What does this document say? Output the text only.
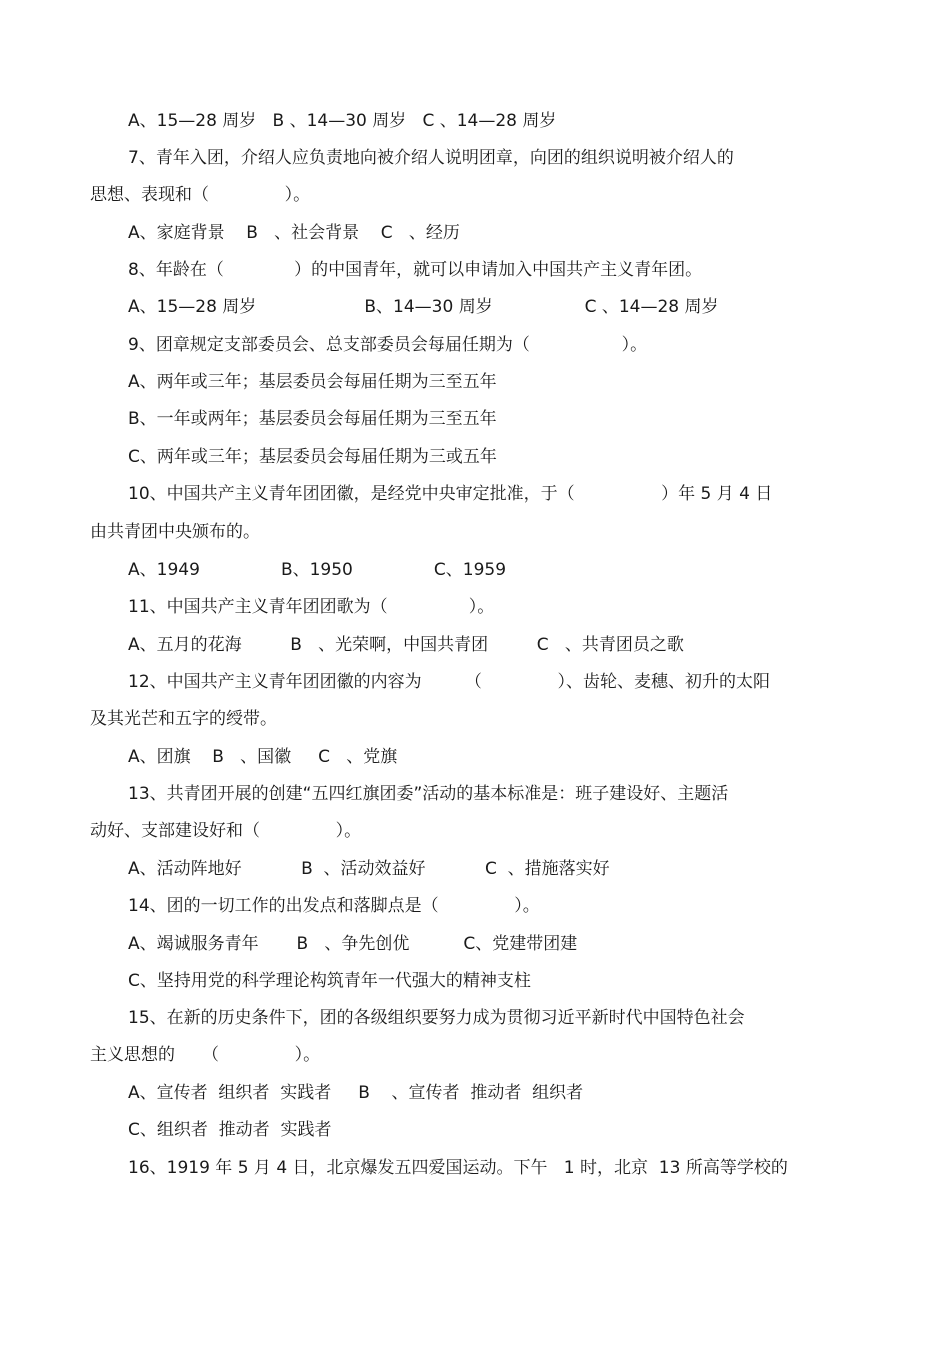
A、15—28 周岁   B 、14—30 周岁   C 、14—28 周岁
7、青年入团，介绍人应负责地向被介绍人说明团章，向团的组织说明被介绍人的
思想、表现和（              ）。
A、家庭背景    B   、社会背景    C   、经历
8、年龄在（             ）的中国青年，就可以申请加入中国共产主义青年团。
A、15—28 周岁                    B、14—30 周岁                 C 、14—28 周岁
9、团章规定支部委员会、总支部委员会每届任期为（                 ）。
A、两年或三年；基层委员会每届任期为三至五年
B、一年或两年；基层委员会每届任期为三至五年
C、两年或三年；基层委员会每届任期为三或五年
10、中国共产主义青年团团徽，是经党中央审定批准，于（                ）年 5 月 4 日
由共青团中央颁布的。
A、1949               B、1950               C、1959
11、中国共产主义青年团团歌为（               ）。
A、五月的花海         B   、光荣啊，中国共青团         C   、共青团员之歌
12、中国共产主义青年团团徽的内容为        （              ）、齿轮、麦穗、初升的太阳
及其光芒和五字的绶带。
A、团旗    B   、国徽     C   、党旗
13、共青团开展的创建“五四红旗团委”活动的基本标准是：班子建设好、主题活
动好、支部建设好和（              ）。
A、活动阵地好           B  、活动效益好           C  、措施落实好
14、团的一切工作的出发点和落脚点是（              ）。
A、竭诚服务青年       B   、争先创优          C、党建带团建
C、坚持用党的科学理论构筑青年一代强大的精神支柱
15、在新的历史条件下，团的各级组织要努力成为贯彻习近平新时代中国特色社会
主义思想的     （              ）。
A、宣传者  组织者  实践者     B    、宣传者  推动者  组织者
C、组织者  推动者  实践者
16、1919 年 5 月 4 日，北京爆发五四爱国运动。下午   1 时，北京  13 所高等学校的
